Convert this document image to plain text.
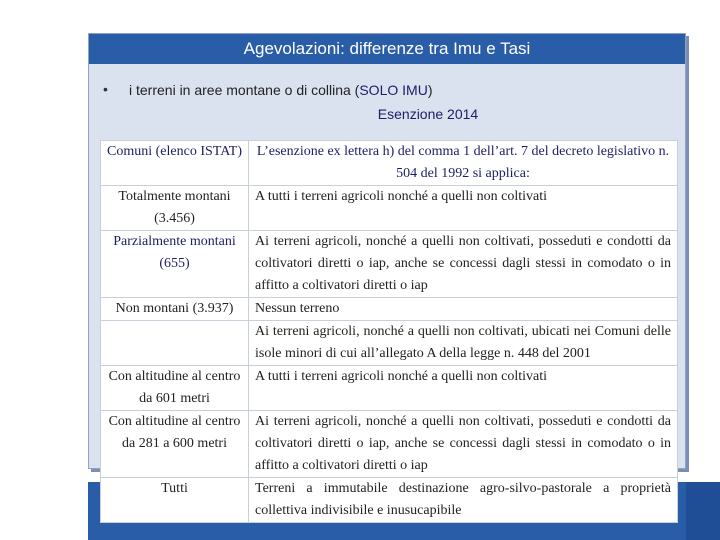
Agevolazioni: differenze tra Imu e Tasi
• i terreni in aree montane o di collina (SOLO IMU)
Esenzione 2014
Comuni (elenco ISTAT)	L’esenzione ex lettera h) del comma 1 dell’art. 7 del decreto legislativo n. 504 del 1992 si applica:
Totalmente montani (3.456)	A tutti i terreni agricoli nonché a quelli non coltivati
Parzialmente montani (655)	Ai terreni agricoli, nonché a quelli non coltivati, posseduti e condotti da coltivatori diretti o iap, anche se concessi dagli stessi in comodato o in affitto a coltivatori diretti o iap
Non montani (3.937)	Nessun terreno
	Ai terreni agricoli, nonché a quelli non coltivati, ubicati nei Comuni delle isole minori di cui all’allegato A della legge n. 448 del 2001
Con altitudine al centro da 601 metri	A tutti i terreni agricoli nonché a quelli non coltivati
Con altitudine al centro da 281 a 600 metri	Ai terreni agricoli, nonché a quelli non coltivati, posseduti e condotti da coltivatori diretti o iap, anche se concessi dagli stessi in comodato o in affitto a coltivatori diretti o iap
Tutti	Terreni a immutabile destinazione agro-silvo-pastorale a proprietà collettiva indivisibile e inusucapibile
